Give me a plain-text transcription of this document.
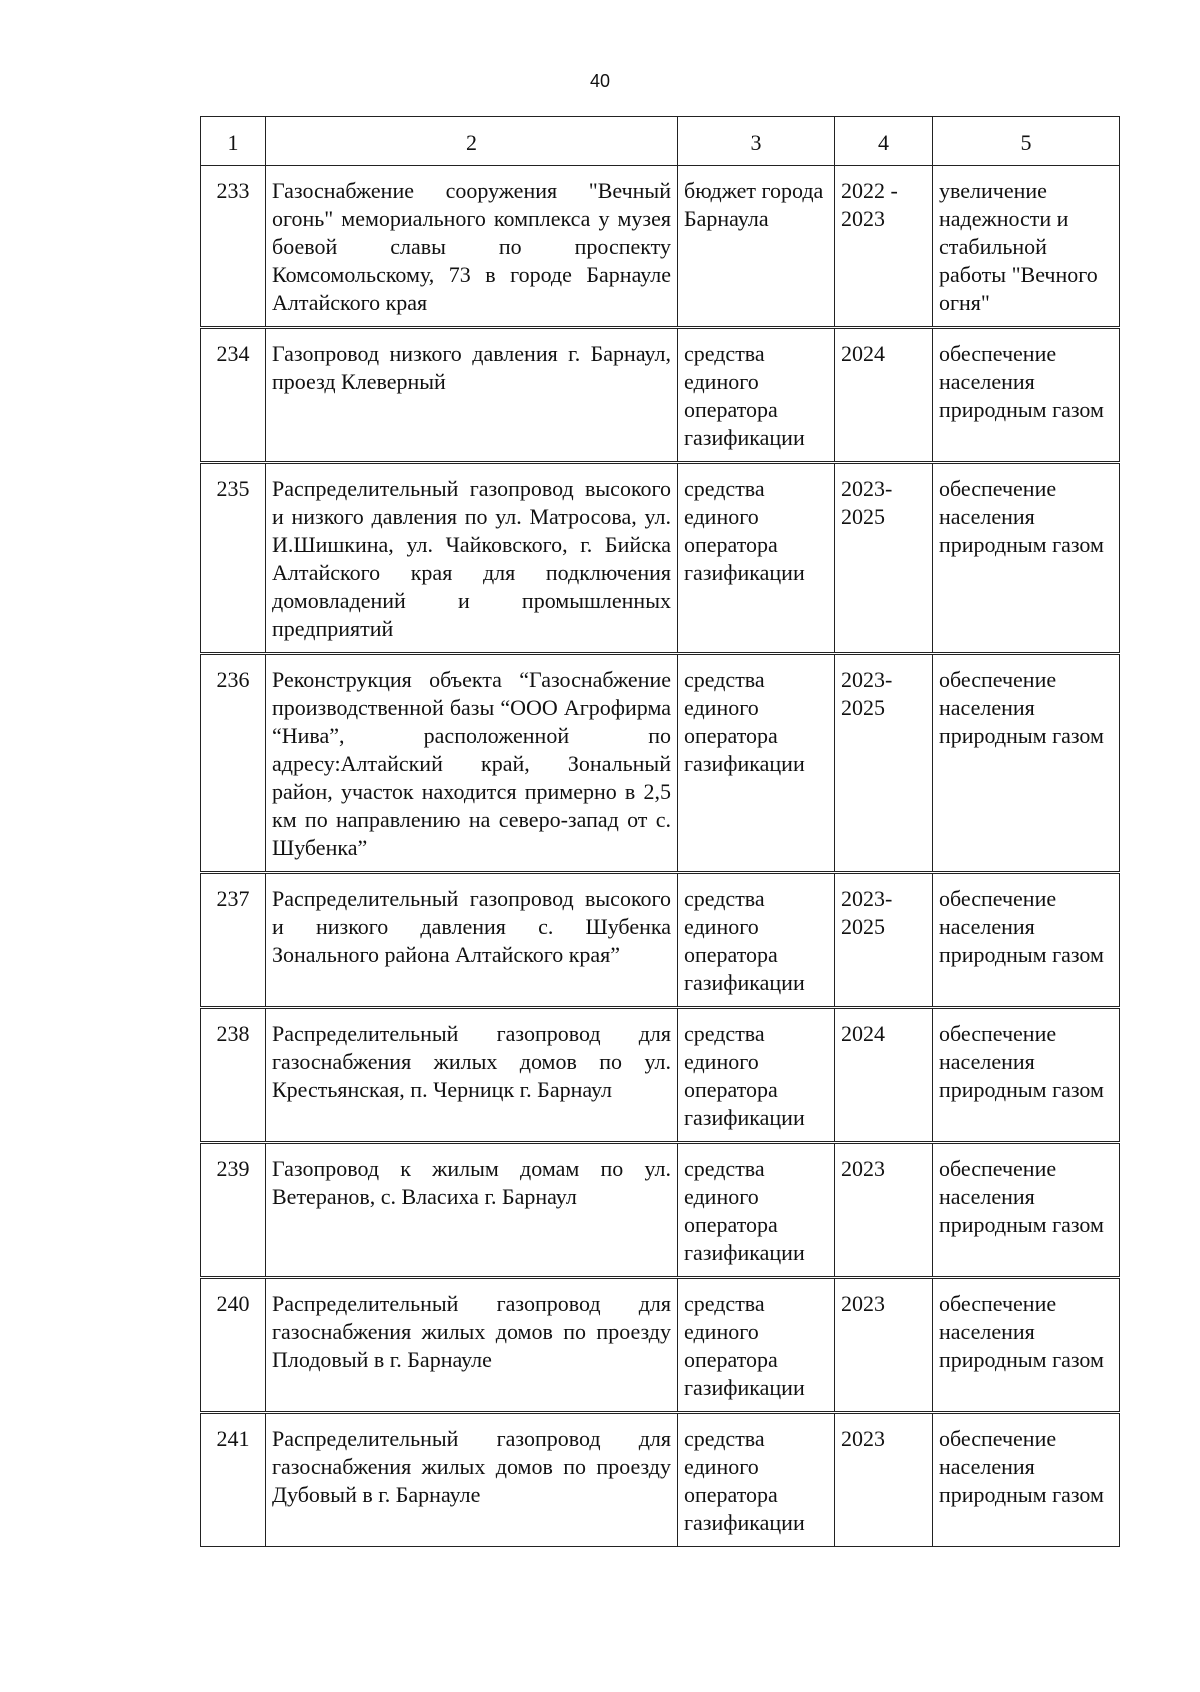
40
1	2	3	4	5
233	Газоснабжение сооружения "Вечный огонь" мемориального комплекса у музея боевой славы по проспекту Комсомольскому, 73 в городе Барнауле Алтайского края	бюджет города Барнаула	2022 - 2023	увеличение надежности и стабильной работы "Вечного огня"
234	Газопровод низкого давления г. Барнаул, проезд Клеверный	средства единого оператора газификации	2024	обеспечение населения природным газом
235	Распределительный газопровод высокого и низкого давления по ул. Матросова, ул. И.Шишкина, ул. Чайковского, г. Бийска Алтайского края для подключения домовладений и промышленных предприятий	средства единого оператора газификации	2023-2025	обеспечение населения природным газом
236	Реконструкция объекта “Газоснабжение производственной базы “ООО Агрофирма “Нива”, расположенной по адресу:Алтайский край, Зональный район, участок находится примерно в 2,5 км по направлению на северо-запад от с. Шубенка”	средства единого оператора газификации	2023-2025	обеспечение населения природным газом
237	Распределительный газопровод высокого и низкого давления с. Шубенка Зонального района Алтайского края”	средства единого оператора газификации	2023-2025	обеспечение населения природным газом
238	Распределительный газопровод для газоснабжения жилых домов по ул. Крестьянская, п. Черницк г. Барнаул	средства единого оператора газификации	2024	обеспечение населения природным газом
239	Газопровод к жилым домам по ул. Ветеранов, с. Власиха г. Барнаул	средства единого оператора газификации	2023	обеспечение населения природным газом
240	Распределительный газопровод для газоснабжения жилых домов по проезду Плодовый в г. Барнауле	средства единого оператора газификации	2023	обеспечение населения природным газом
241	Распределительный газопровод для газоснабжения жилых домов по проезду Дубовый в г. Барнауле	средства единого оператора газификации	2023	обеспечение населения природным газом
